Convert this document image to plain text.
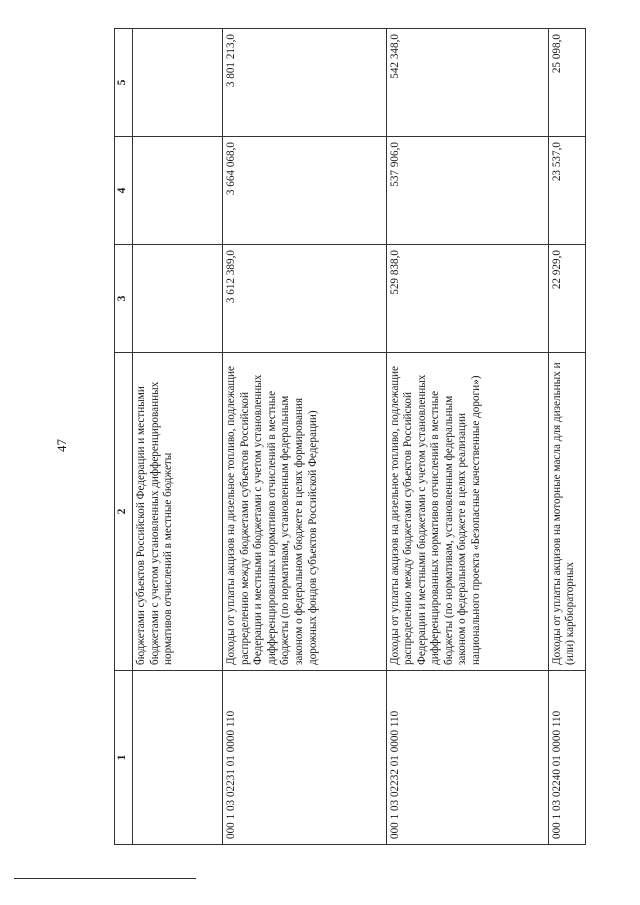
47
1	2	3	4	5
	бюджетами субъектов Российской Федерации и местными бюджетами с учетом установленных дифференцированных нормативов отчислений в местные бюджеты			
000 1 03 02231 01 0000 110	Доходы от уплаты акцизов на дизельное топливо, подлежащие распределению между бюджетами субъектов Российской Федерации и местными бюджетами с учетом установленных дифференцированных нормативов отчислений в местные бюджеты (по нормативам, установленным федеральным законом о федеральном бюджете в целях формирования дорожных фондов субъектов Российской Федерации)	3 612 389,0	3 664 068,0	3 801 213,0
000 1 03 02232 01 0000 110	Доходы от уплаты акцизов на дизельное топливо, подлежащие распределению между бюджетами субъектов Российской Федерации и местными бюджетами с учетом установленных дифференцированных нормативов отчислений в местные бюджеты (по нормативам, установленным федеральным законом о федеральном бюджете в целях реализации национального проекта «Безопасные качественные дороги»)	529 838,0	537 906,0	542 348,0
000 1 03 02240 01 0000 110	Доходы от уплаты акцизов на моторные масла для дизельных и (или) карбюраторных	22 929,0	23 537,0	25 098,0
